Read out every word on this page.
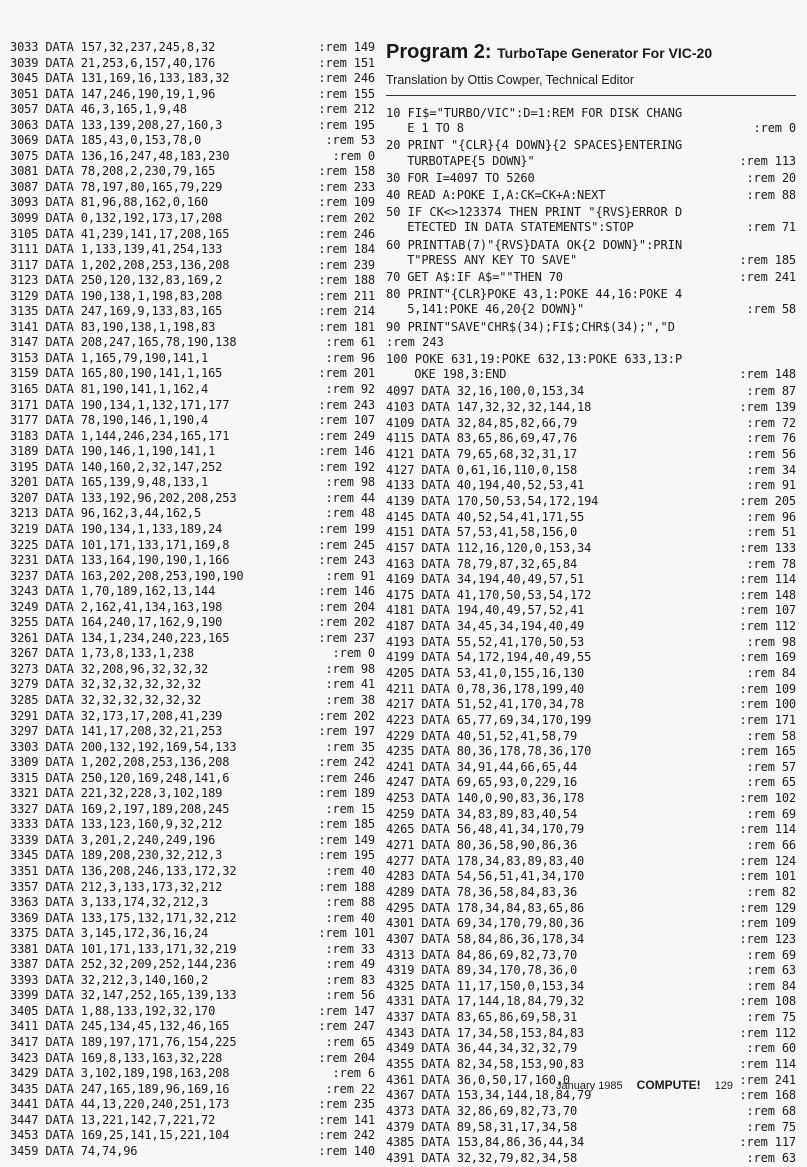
3033 DATA 157,32,237,245,8,32	:rem 149
3039 DATA 21,253,6,157,40,176	:rem 151
3045 DATA 131,169,16,133,183,32	:rem 246
3051 DATA 147,246,190,19,1,96	:rem 155
3057 DATA 46,3,165,1,9,48	:rem 212
3063 DATA 133,139,208,27,160,3	:rem 195
3069 DATA 185,43,0,153,78,0	:rem 53
3075 DATA 136,16,247,48,183,230	:rem 0
3081 DATA 78,208,2,230,79,165	:rem 158
3087 DATA 78,197,80,165,79,229	:rem 233
3093 DATA 81,96,88,162,0,160	:rem 109
3099 DATA 0,132,192,173,17,208	:rem 202
3105 DATA 41,239,141,17,208,165	:rem 246
3111 DATA 1,133,139,41,254,133	:rem 184
3117 DATA 1,202,208,253,136,208	:rem 239
3123 DATA 250,120,132,83,169,2	:rem 188
3129 DATA 190,138,1,198,83,208	:rem 211
3135 DATA 247,169,9,133,83,165	:rem 214
3141 DATA 83,190,138,1,198,83	:rem 181
3147 DATA 208,247,165,78,190,138	:rem 61
3153 DATA 1,165,79,190,141,1	:rem 96
3159 DATA 165,80,190,141,1,165	:rem 201
3165 DATA 81,190,141,1,162,4	:rem 92
3171 DATA 190,134,1,132,171,177	:rem 243
3177 DATA 78,190,146,1,190,4	:rem 107
3183 DATA 1,144,246,234,165,171	:rem 249
3189 DATA 190,146,1,190,141,1	:rem 146
3195 DATA 140,160,2,32,147,252	:rem 192
3201 DATA 165,139,9,48,133,1	:rem 98
3207 DATA 133,192,96,202,208,253	:rem 44
3213 DATA 96,162,3,44,162,5	:rem 48
3219 DATA 190,134,1,133,189,24	:rem 199
3225 DATA 101,171,133,171,169,8	:rem 245
3231 DATA 133,164,190,190,1,166	:rem 243
3237 DATA 163,202,208,253,190,190	:rem 91
3243 DATA 1,70,189,162,13,144	:rem 146
3249 DATA 2,162,41,134,163,198	:rem 204
3255 DATA 164,240,17,162,9,190	:rem 202
3261 DATA 134,1,234,240,223,165	:rem 237
3267 DATA 1,73,8,133,1,238	:rem 0
3273 DATA 32,208,96,32,32,32	:rem 98
3279 DATA 32,32,32,32,32,32	:rem 41
3285 DATA 32,32,32,32,32,32	:rem 38
3291 DATA 32,173,17,208,41,239	:rem 202
3297 DATA 141,17,208,32,21,253	:rem 197
3303 DATA 200,132,192,169,54,133	:rem 35
3309 DATA 1,202,208,253,136,208	:rem 242
3315 DATA 250,120,169,248,141,6	:rem 246
3321 DATA 221,32,228,3,102,189	:rem 189
3327 DATA 169,2,197,189,208,245	:rem 15
3333 DATA 133,123,160,9,32,212	:rem 185
3339 DATA 3,201,2,240,249,196	:rem 149
3345 DATA 189,208,230,32,212,3	:rem 195
3351 DATA 136,208,246,133,172,32	:rem 40
3357 DATA 212,3,133,173,32,212	:rem 188
3363 DATA 3,133,174,32,212,3	:rem 88
3369 DATA 133,175,132,171,32,212	:rem 40
3375 DATA 3,145,172,36,16,24	:rem 101
3381 DATA 101,171,133,171,32,219	:rem 33
3387 DATA 252,32,209,252,144,236	:rem 49
3393 DATA 32,212,3,140,160,2	:rem 83
3399 DATA 32,147,252,165,139,133	:rem 56
3405 DATA 1,88,133,192,32,170	:rem 147
3411 DATA 245,134,45,132,46,165	:rem 247
3417 DATA 189,197,171,76,154,225	:rem 65
3423 DATA 169,8,133,163,32,228	:rem 204
3429 DATA 3,102,189,198,163,208	:rem 6
3435 DATA 247,165,189,96,169,16	:rem 22
3441 DATA 44,13,220,240,251,173	:rem 235
3447 DATA 13,221,142,7,221,72	:rem 141
3453 DATA 169,25,141,15,221,104	:rem 242
3459 DATA 74,74,96	:rem 140
Program 2: TurboTape Generator For VIC-20
Translation by Ottis Cowper, Technical Editor
10 FI$="TURBO/VIC":D=1:REM FOR DISK CHANG
E 1 TO 8	:rem 0
20 PRINT "{CLR}{4 DOWN}{2 SPACES}ENTERING
TURBOTAPE{5 DOWN}"	:rem 113
30 FOR I=4097 TO 5260	:rem 20
40 READ A:POKE I,A:CK=CK+A:NEXT	:rem 88
50 IF CK<>123374 THEN PRINT "{RVS}ERROR D
ETECTED IN DATA STATEMENTS":STOP	:rem 71
60 PRINTTAB(7)"{RVS}DATA OK{2 DOWN}":PRIN
T"PRESS ANY KEY TO SAVE"	:rem 185
70 GET A$:IF A$=""THEN 70	:rem 241
80 PRINT"{CLR}POKE 43,1:POKE 44,16:POKE 4
5,141:POKE 46,20{2 DOWN}"	:rem 58
90 PRINT"SAVE"CHR$(34);FI$;CHR$(34);","D
:rem 243
100 POKE 631,19:POKE 632,13:POKE 633,13:P
OKE 198,3:END	:rem 148
4097 DATA 32,16,100,0,153,34	:rem 87
4103 DATA 147,32,32,32,144,18	:rem 139
4109 DATA 32,84,85,82,66,79	:rem 72
4115 DATA 83,65,86,69,47,76	:rem 76
4121 DATA 79,65,68,32,31,17	:rem 56
4127 DATA 0,61,16,110,0,158	:rem 34
4133 DATA 40,194,40,52,53,41	:rem 91
4139 DATA 170,50,53,54,172,194	:rem 205
4145 DATA 40,52,54,41,171,55	:rem 96
4151 DATA 57,53,41,58,156,0	:rem 51
4157 DATA 112,16,120,0,153,34	:rem 133
4163 DATA 78,79,87,32,65,84	:rem 78
4169 DATA 34,194,40,49,57,51	:rem 114
4175 DATA 41,170,50,53,54,172	:rem 148
4181 DATA 194,40,49,57,52,41	:rem 107
4187 DATA 34,45,34,194,40,49	:rem 112
4193 DATA 55,52,41,170,50,53	:rem 98
4199 DATA 54,172,194,40,49,55	:rem 169
4205 DATA 53,41,0,155,16,130	:rem 84
4211 DATA 0,78,36,178,199,40	:rem 109
4217 DATA 51,52,41,170,34,78	:rem 100
4223 DATA 65,77,69,34,170,199	:rem 171
4229 DATA 40,51,52,41,58,79	:rem 58
4235 DATA 80,36,178,78,36,170	:rem 165
4241 DATA 34,91,44,66,65,44	:rem 57
4247 DATA 69,65,93,0,229,16	:rem 65
4253 DATA 140,0,90,83,36,178	:rem 102
4259 DATA 34,83,89,83,40,54	:rem 69
4265 DATA 56,48,41,34,170,79	:rem 114
4271 DATA 80,36,58,90,86,36	:rem 66
4277 DATA 178,34,83,89,83,40	:rem 124
4283 DATA 54,56,51,41,34,170	:rem 101
4289 DATA 78,36,58,84,83,36	:rem 82
4295 DATA 178,34,84,83,65,86	:rem 129
4301 DATA 69,34,170,79,80,36	:rem 109
4307 DATA 58,84,86,36,178,34	:rem 123
4313 DATA 84,86,69,82,73,70	:rem 69
4319 DATA 89,34,170,78,36,0	:rem 63
4325 DATA 11,17,150,0,153,34	:rem 84
4331 DATA 17,144,18,84,79,32	:rem 108
4337 DATA 83,65,86,69,58,31	:rem 75
4343 DATA 17,34,58,153,84,83	:rem 112
4349 DATA 36,44,34,32,32,79	:rem 60
4355 DATA 82,34,58,153,90,83	:rem 114
4361 DATA 36,0,50,17,160,0	:rem 241
4367 DATA 153,34,144,18,84,79	:rem 168
4373 DATA 32,86,69,82,73,70	:rem 68
4379 DATA 89,58,31,17,34,58	:rem 75
4385 DATA 153,84,86,36,44,34	:rem 117
4391 DATA 32,32,79,82,34,58	:rem 63
January 1985 COMPUTE! 129
